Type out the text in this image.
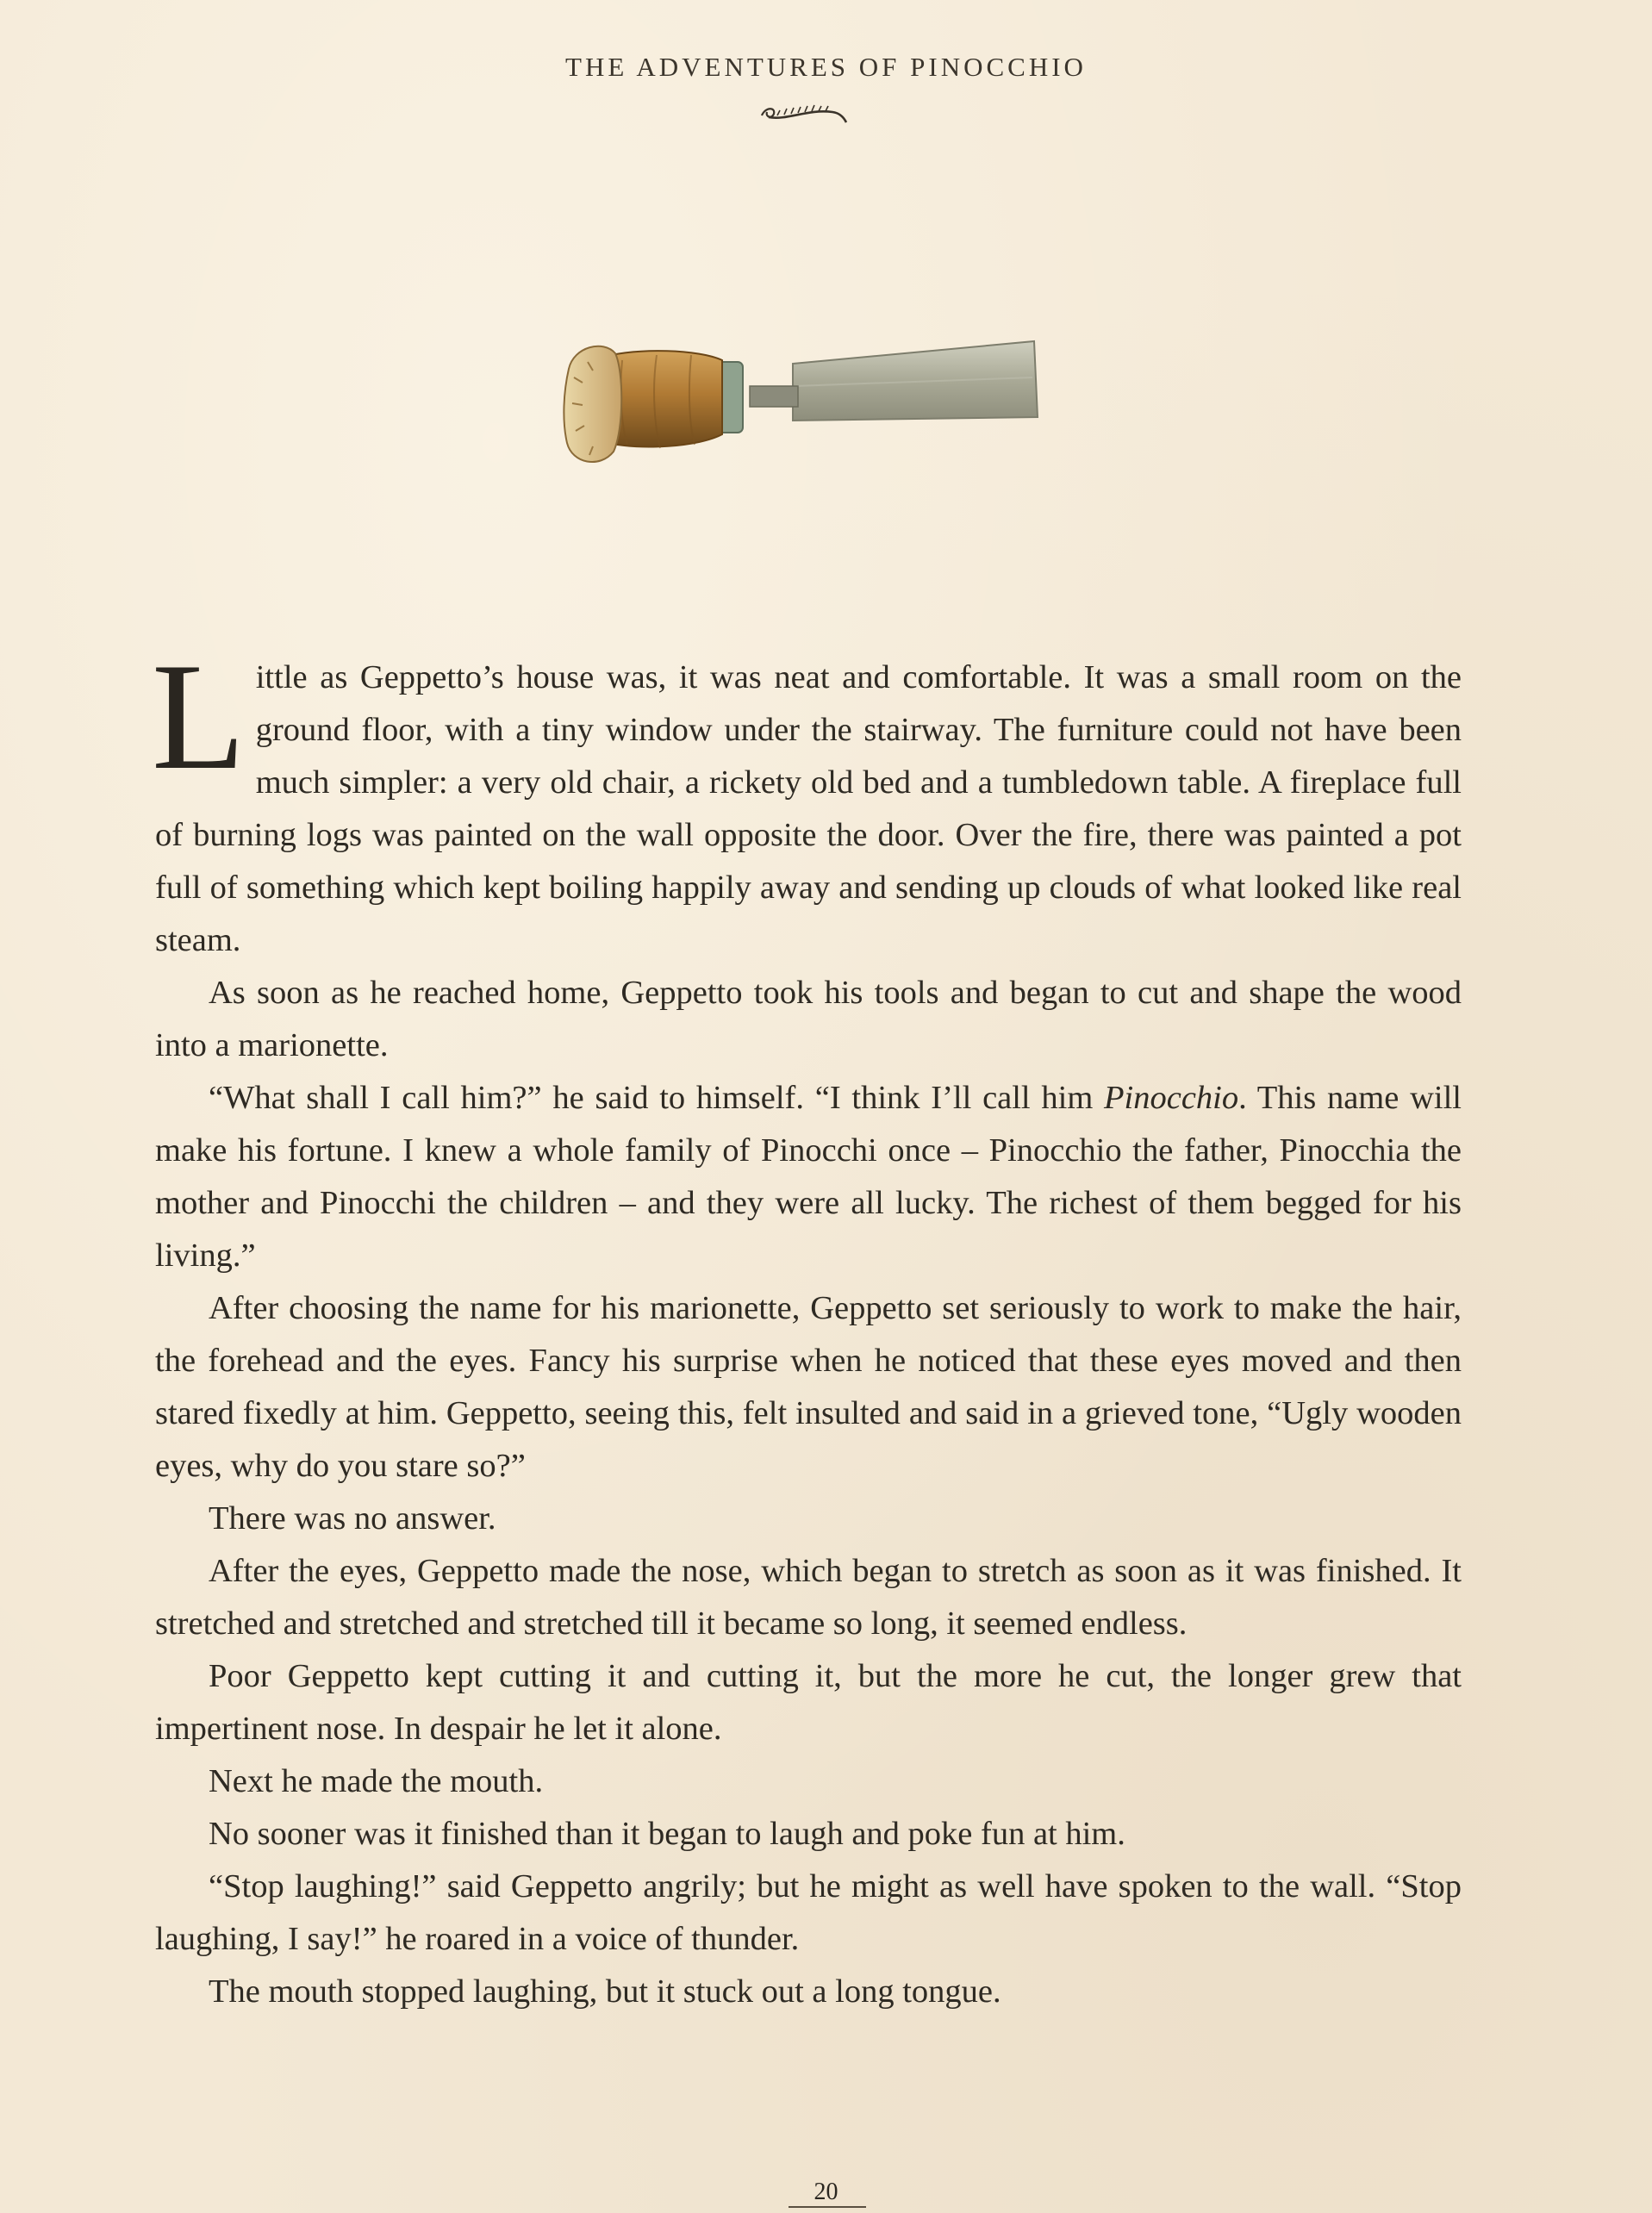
THE ADVENTURES OF PINOCCHIO

Little as Geppetto’s house was, it was neat and comfortable. It was a small room on the ground floor, with a tiny window under the stairway. The furniture could not have been much simpler: a very old chair, a rickety old bed and a tumbledown table. A fireplace full of burning logs was painted on the wall opposite the door. Over the fire, there was painted a pot full of something which kept boiling happily away and sending up clouds of what looked like real steam.

As soon as he reached home, Geppetto took his tools and began to cut and shape the wood into a marionette.

“What shall I call him?” he said to himself. “I think I’ll call him Pinocchio. This name will make his fortune. I knew a whole family of Pinocchi once – Pinocchio the father, Pinocchia the mother and Pinocchi the children – and they were all lucky. The richest of them begged for his living.”

After choosing the name for his marionette, Geppetto set seriously to work to make the hair, the forehead and the eyes. Fancy his surprise when he noticed that these eyes moved and then stared fixedly at him. Geppetto, seeing this, felt insulted and said in a grieved tone, “Ugly wooden eyes, why do you stare so?”

There was no answer.

After the eyes, Geppetto made the nose, which began to stretch as soon as it was finished. It stretched and stretched and stretched till it became so long, it seemed endless.

Poor Geppetto kept cutting it and cutting it, but the more he cut, the longer grew that impertinent nose. In despair he let it alone.

Next he made the mouth.

No sooner was it finished than it began to laugh and poke fun at him.

“Stop laughing!” said Geppetto angrily; but he might as well have spoken to the wall. “Stop laughing, I say!” he roared in a voice of thunder.

The mouth stopped laughing, but it stuck out a long tongue.

20
